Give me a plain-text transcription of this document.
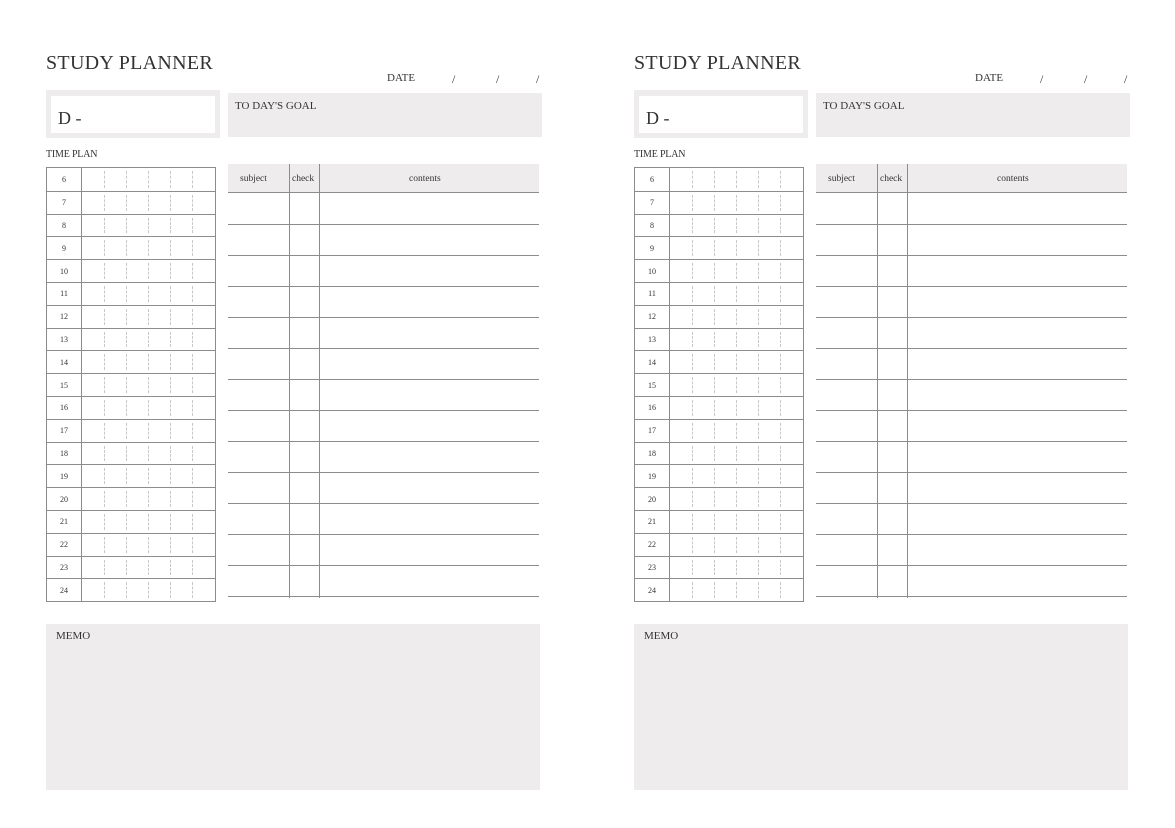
STUDY PLANNER
DATE	/	/	/
D -
TO DAY'S GOAL
TIME PLAN
6
7
8
9
10
11
12
13
14
15
16
17
18
19
20
21
22
23
24
subject	check	contents
MEMO
STUDY PLANNER
DATE	/	/	/
D -
TO DAY'S GOAL
TIME PLAN
6
7
8
9
10
11
12
13
14
15
16
17
18
19
20
21
22
23
24
subject	check	contents
MEMO
